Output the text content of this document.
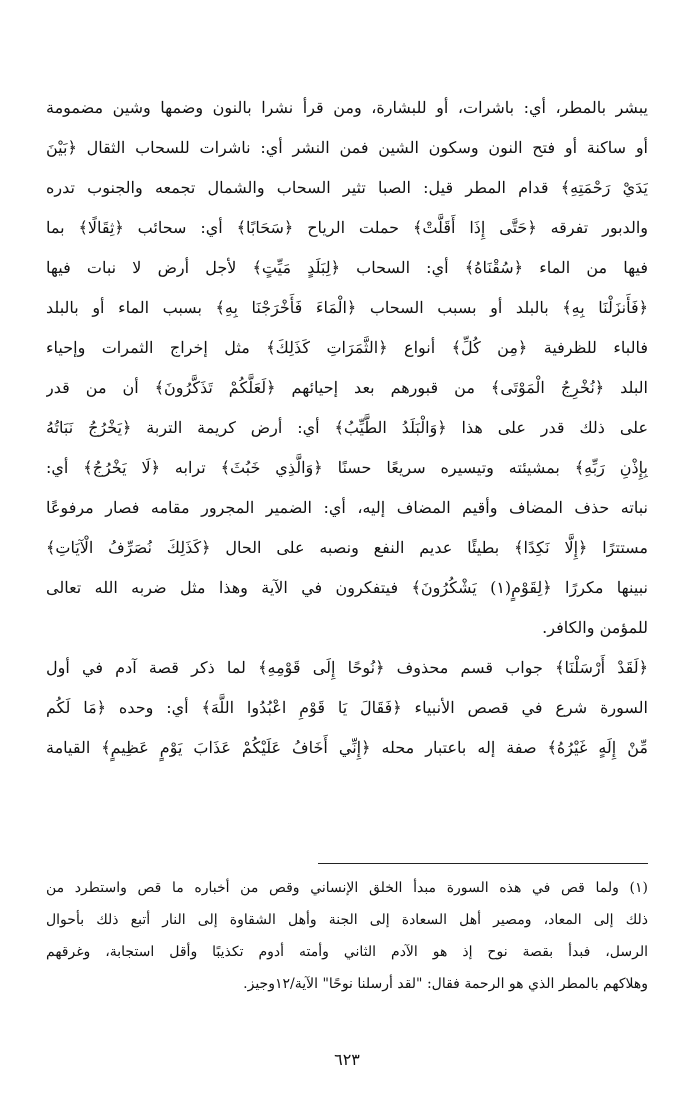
يبشر بالمطر، أي: باشرات، أو للبشارة، ومن قرأ نشرا بالنون وضمها وشين مضمومة
أو ساكنة أو فتح النون وسكون الشين فمن النشر أي: ناشرات للسحاب الثقال ﴿بَيْنَ
يَدَيْ رَحْمَتِهِ﴾ قدام المطر قيل: الصبا تثير السحاب والشمال تجمعه والجنوب تدره
والدبور تفرقه ﴿حَتَّى إِذَا أَقَلَّتْ﴾ حملت الرياح ﴿سَحَابًا﴾ أي: سحائب ﴿ثِقَالًا﴾ بما
فيها من الماء ﴿سُقْنَاهُ﴾ أي: السحاب ﴿لِبَلَدٍ مَيِّتٍ﴾ لأجل أرض لا نبات فيها
﴿فَأَنزَلْنَا بِهِ﴾ بالبلد أو بسبب السحاب ﴿الْمَاءَ فَأَخْرَجْنَا بِهِ﴾ بسبب الماء أو بالبلد
فالباء للظرفية ﴿مِن كُلِّ﴾ أنواع ﴿الثَّمَرَاتِ كَذَلِكَ﴾ مثل إخراج الثمرات وإحياء
البلد ﴿نُخْرِجُ الْمَوْتَى﴾ من قبورهم بعد إحيائهم ﴿لَعَلَّكُمْ تَذَكَّرُونَ﴾ أن من قدر
على ذلك قدر على هذا ﴿وَالْبَلَدُ الطَّيِّبُ﴾ أي: أرض كريمة التربة ﴿يَخْرُجُ نَبَاتُهُ
بِإِذْنِ رَبِّهِ﴾ بمشيئته وتيسيره سريعًا حسنًا ﴿وَالَّذِي خَبُثَ﴾ ترابه ﴿لَا يَخْرُجُ﴾ أي:
نباته حذف المضاف وأقيم المضاف إليه، أي: الضمير المجرور مقامه فصار مرفوعًا
مستترًا ﴿إِلَّا نَكِدًا﴾ بطيئًا عديم النفع ونصبه على الحال ﴿كَذَلِكَ نُصَرِّفُ الْآيَاتِ﴾
نبينها مكررًا ﴿لِقَوْمٍ(١) يَشْكُرُونَ﴾ فيتفكرون في الآية وهذا مثل ضربه الله تعالى
للمؤمن والكافر.
﴿لَقَدْ أَرْسَلْنَا﴾ جواب قسم محذوف ﴿نُوحًا إِلَى قَوْمِهِ﴾ لما ذكر قصة آدم في أول
السورة شرع في قصص الأنبياء ﴿فَقَالَ يَا قَوْمِ اعْبُدُوا اللَّهَ﴾ أي: وحده ﴿مَا لَكُم
مِّنْ إِلَهٍ غَيْرُهُ﴾ صفة إله باعتبار محله ﴿إِنِّي أَخَافُ عَلَيْكُمْ عَذَابَ يَوْمٍ عَظِيمٍ﴾ القيامة
(١) ولما قص في هذه السورة مبدأ الخلق الإنساني وقص من أخباره ما قص واستطرد من
ذلك إلى المعاد، ومصير أهل السعادة إلى الجنة وأهل الشقاوة إلى النار أتبع ذلك بأحوال
الرسل، فبدأ بقصة نوح إذ هو الآدم الثاني وأمته أدوم تكذيبًا وأقل استجابة، وغرقهم
وهلاكهم بالمطر الذي هو الرحمة فقال: "لقد أرسلنا نوحًا" الآية/١٢وجيز.
٦٢٣
